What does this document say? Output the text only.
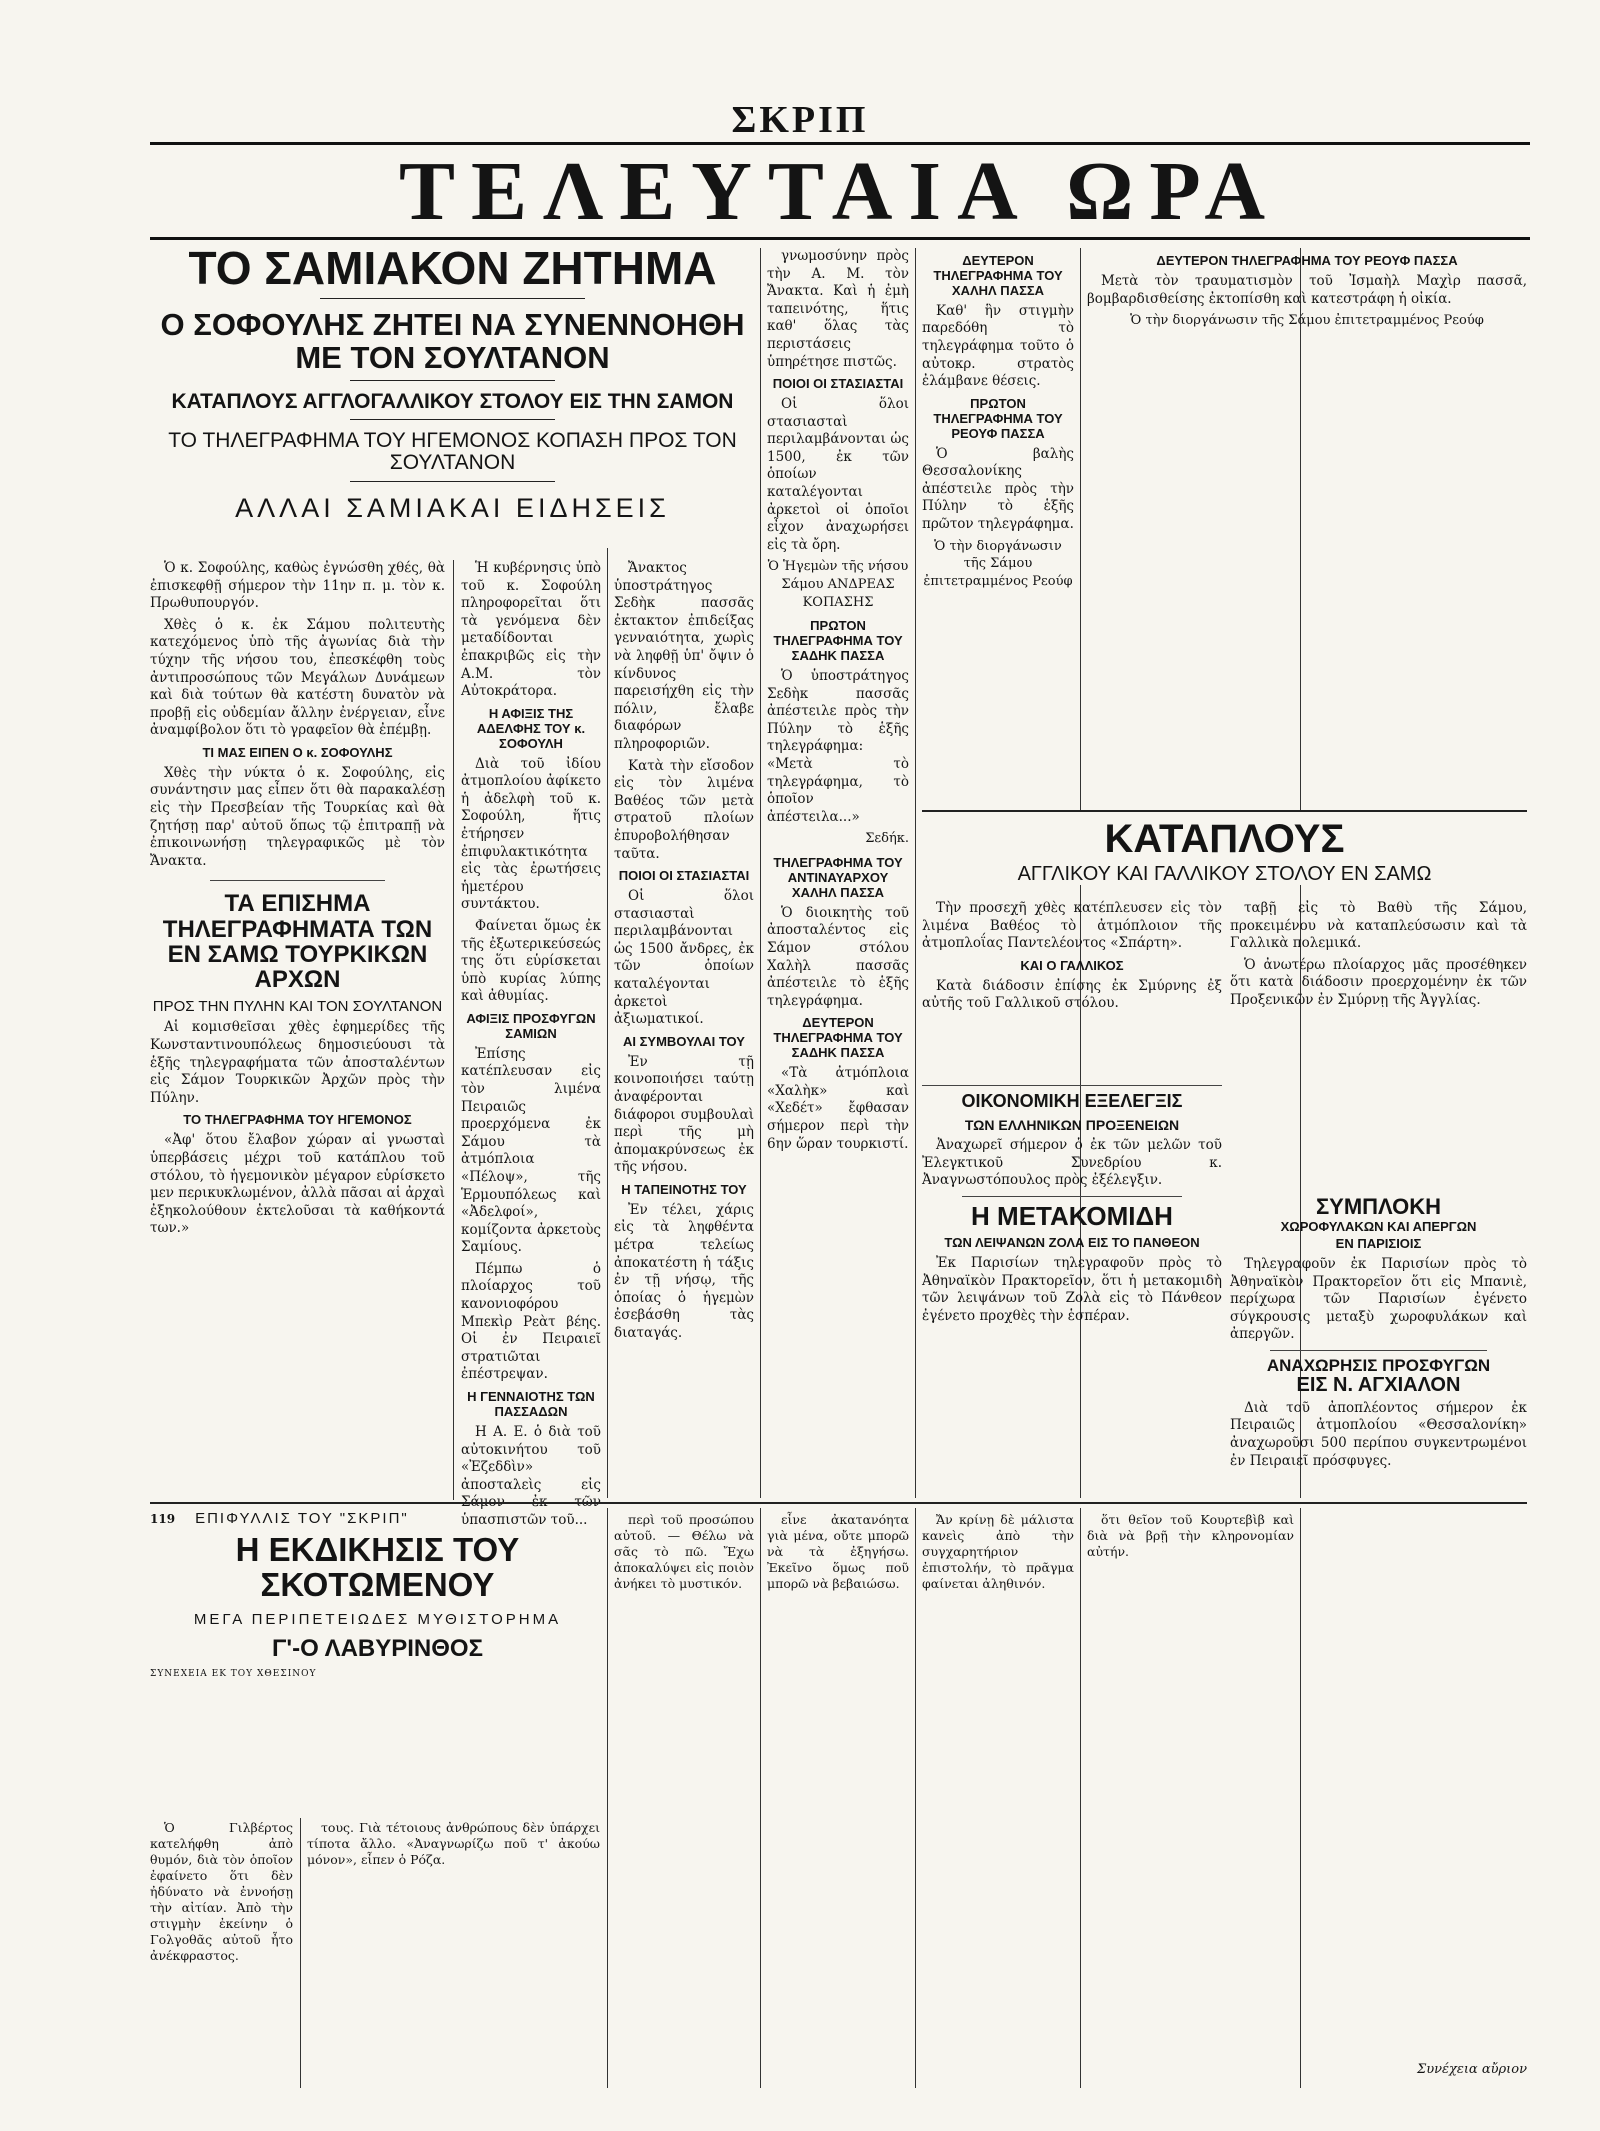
ΣΚΡΙΠ
ΤΕΛΕΥΤΑΙΑ ΩΡΑ
ΤΟ ΣΑΜΙΑΚΟΝ ΖΗΤΗΜΑ
Ο ΣΟΦΟΥΛΗΣ ΖΗΤΕΙ ΝΑ ΣΥΝΕΝΝΟΗΘΗ ΜΕ ΤΟΝ ΣΟΥΛΤΑΝΟΝ
ΚΑΤΑΠΛΟΥΣ ΑΓΓΛΟΓΑΛΛΙΚΟΥ ΣΤΟΛΟΥ ΕΙΣ ΤΗΝ ΣΑΜΟΝ
ΤΟ ΤΗΛΕΓΡΑΦΗΜΑ ΤΟΥ ΗΓΕΜΟΝΟΣ ΚΟΠΑΣΗ ΠΡΟΣ ΤΟΝ ΣΟΥΛΤΑΝΟΝ
ΑΛΛΑΙ ΣΑΜΙΑΚΑΙ ΕΙΔΗΣΕΙΣ

Ὁ κ. Σοφούλης, καθὼς ἐγνώσθη χθές, θὰ ἐπισκεφθῇ σήμερον τὴν 11ην π. μ. τὸν κ. Πρωθυπουργόν.

Χθὲς ὁ κ. ἐκ Σάμου πολιτευτὴς κατεχόμενος ὑπὸ τῆς ἀγωνίας διὰ τὴν τύχην τῆς νήσου του, ἐπεσκέφθη τοὺς ἀντιπροσώπους τῶν Μεγάλων Δυνάμεων καὶ διὰ τούτων θὰ κατέστη δυνατὸν νὰ προβῇ εἰς οὐδεμίαν ἄλλην ἐνέργειαν, εἶνε ἀναμφίβολον ὅτι τὸ γραφεῖον θὰ ἐπέμβῃ.

ΤΙ ΜΑΣ ΕΙΠΕΝ Ο κ. ΣΟΦΟΥΛΗΣ

Χθὲς τὴν νύκτα ὁ κ. Σοφούλης, εἰς συνάντησιν μας εἶπεν ὅτι θὰ παρακαλέσῃ εἰς τὴν Πρεσβείαν τῆς Τουρκίας καὶ θὰ ζητήσῃ παρ' αὐτοῦ ὅπως τῷ ἐπιτραπῇ νὰ ἐπικοινωνήσῃ τηλεγραφικῶς μὲ τὸν Ἄνακτα.

ΤΑ ΕΠΙΣΗΜΑ ΤΗΛΕΓΡΑΦΗΜΑΤΑ ΤΩΝ ΕΝ ΣΑΜΩ ΤΟΥΡΚΙΚΩΝ ΑΡΧΩΝ
ΠΡΟΣ ΤΗΝ ΠΥΛΗΝ ΚΑΙ ΤΟΝ ΣΟΥΛΤΑΝΟΝ

Αἱ κομισθεῖσαι χθὲς ἐφημερίδες τῆς Κωνσταντινουπόλεως δημοσιεύουσι τὰ ἑξῆς τηλεγραφήματα τῶν ἀποσταλέντων εἰς Σάμον Τουρκικῶν Ἀρχῶν πρὸς τὴν Πύλην.

ΤΟ ΤΗΛΕΓΡΑΦΗΜΑ ΤΟΥ ΗΓΕΜΟΝΟΣ

«Ἀφ' ὅτου ἔλαβον χώραν αἱ γνωσταὶ ὑπερβάσεις μέχρι τοῦ κατάπλου τοῦ στόλου, τὸ ἡγεμονικὸν μέγαρον εὑρίσκετο μεν περικυκλωμένον, ἀλλὰ πᾶσαι αἱ ἀρχαὶ ἐξηκολούθουν ἐκτελοῦσαι τὰ καθήκοντά των.»

Ἡ κυβέρνησις ὑπὸ τοῦ κ. Σοφούλη πληροφορεῖται ὅτι τὰ γενόμενα δὲν μεταδίδονται ἐπακριβῶς εἰς τὴν Α.Μ. τὸν Αὐτοκράτορα.

Η ΑΦΙΞΙΣ ΤΗΣ ΑΔΕΛΦΗΣ ΤΟΥ κ. ΣΟΦΟΥΛΗ

Διὰ τοῦ ἰδίου ἀτμοπλοίου ἀφίκετο ἡ ἀδελφὴ τοῦ κ. Σοφούλη, ἥτις ἐτήρησεν ἐπιφυλακτικότητα εἰς τὰς ἐρωτήσεις ἡμετέρου συντάκτου.

Φαίνεται ὅμως ἐκ τῆς ἐξωτερικεύσεώς της ὅτι εὑρίσκεται ὑπὸ κυρίας λύπης καὶ ἀθυμίας.

ΑΦΙΞΙΣ ΠΡΟΣΦΥΓΩΝ ΣΑΜΙΩΝ

Ἐπίσης κατέπλευσαν εἰς τὸν λιμένα Πειραιῶς προερχόμενα ἐκ Σάμου τὰ ἀτμόπλοια «Πέλοψ», τῆς Ἑρμουπόλεως καὶ «Ἀδελφοί», κομίζοντα ἀρκετοὺς Σαμίους.

Πέμπω ὁ πλοίαρχος τοῦ κανονιοφόρου Μπεκὶρ Ρεὰτ βέης. Οἱ ἐν Πειραιεῖ στρατιῶται ἐπέστρεψαν.

Η ΓΕΝΝΑΙΟΤΗΣ ΤΩΝ ΠΑΣΣΑΔΩΝ

Η Α. Ε. ὁ διὰ τοῦ αὐτοκινήτου τοῦ «Ἐζεδδὶν» ἀποσταλεὶς εἰς Σάμον ἐκ τῶν ὑπασπιστῶν τοῦ...

Ἄνακτος ὑποστράτηγος Σεδὴκ πασσᾶς ἐκτακτον ἐπιδείξας γενναιότητα, χωρὶς νὰ ληφθῇ ὑπ' ὄψιν ὁ κίνδυνος παρεισήχθη εἰς τὴν πόλιν, ἔλαβε διαφόρων πληροφοριῶν.

Κατὰ τὴν εἴσοδον εἰς τὸν λιμένα Βαθέος τῶν μετὰ στρατοῦ πλοίων ἐπυροβολήθησαν ταῦτα.

ΠΟΙΟΙ ΟΙ ΣΤΑΣΙΑΣΤΑΙ

Οἱ ὅλοι στασιασταὶ περιλαμβάνονται ὡς 1500 ἄνδρες, ἐκ τῶν ὁποίων καταλέγονται ἀρκετοὶ ἀξιωματικοί.

ΑΙ ΣΥΜΒΟΥΛΑΙ ΤΟΥ

Ἐν τῇ κοινοποιήσει ταύτῃ ἀναφέρονται διάφοροι συμβουλαὶ περὶ τῆς μὴ ἀπομακρύνσεως ἐκ τῆς νήσου.

Η ΤΑΠΕΙΝΟΤΗΣ ΤΟΥ

Ἐν τέλει, χάρις εἰς τὰ ληφθέντα μέτρα τελείως ἀποκατέστη ἡ τάξις ἐν τῇ νήσῳ, τῆς ὁποίας ὁ ἡγεμὼν ἐσεβάσθη τὰς διαταγάς.

γνωμοσύνην πρὸς τὴν Α. Μ. τὸν Ἄνακτα. Καὶ ἡ ἐμὴ ταπεινότης, ἥτις καθ' ὅλας τὰς περιστάσεις ὑπηρέτησε πιστῶς.

ΠΟΙΟΙ ΟΙ ΣΤΑΣΙΑΣΤΑΙ

Οἱ ὅλοι στασιασταὶ περιλαμβάνονται ὡς 1500, ἐκ τῶν ὁποίων καταλέγονται ἀρκετοὶ οἱ ὁποῖοι εἶχον ἀναχωρήσει εἰς τὰ ὄρη.

Ὁ Ἡγεμὼν τῆς νήσου Σάμου ΑΝΔΡΕΑΣ ΚΟΠΑΣΗΣ
ΠΡΩΤΟΝ ΤΗΛΕΓΡΑΦΗΜΑ ΤΟΥ ΣΑΔΗΚ ΠΑΣΣΑ

Ὁ ὑποστράτηγος Σεδὴκ πασσᾶς ἀπέστειλε πρὸς τὴν Πύλην τὸ ἑξῆς τηλεγράφημα: «Μετὰ τὸ τηλεγράφημα, τὸ ὁποῖον ἀπέστειλα...»

Σεδήκ.
ΤΗΛΕΓΡΑΦΗΜΑ ΤΟΥ ΑΝΤΙΝΑΥΑΡΧΟΥ ΧΑΛΗΛ ΠΑΣΣΑ

Ὁ διοικητὴς τοῦ ἀποσταλέντος εἰς Σάμον στόλου Χαλὴλ πασσᾶς ἀπέστειλε τὸ ἑξῆς τηλεγράφημα.

ΔΕΥΤΕΡΟΝ ΤΗΛΕΓΡΑΦΗΜΑ ΤΟΥ ΣΑΔΗΚ ΠΑΣΣΑ

«Τὰ ἀτμόπλοια «Χαλὴκ» καὶ «Χεδέτ» ἔφθασαν σήμερον περὶ τὴν 6ην ὥραν τουρκιστί.

ΔΕΥΤΕΡΟΝ ΤΗΛΕΓΡΑΦΗΜΑ ΤΟΥ ΧΑΛΗΛ ΠΑΣΣΑ

Καθ' ἣν στιγμὴν παρεδόθη τὸ τηλεγράφημα τοῦτο ὁ αὐτοκρ. στρατὸς ἐλάμβανε θέσεις.

ΠΡΩΤΟΝ ΤΗΛΕΓΡΑΦΗΜΑ ΤΟΥ ΡΕΟΥΦ ΠΑΣΣΑ

Ὁ βαλὴς Θεσσαλονίκης ἀπέστειλε πρὸς τὴν Πύλην τὸ ἑξῆς πρῶτον τηλεγράφημα.

Ὁ τὴν διοργάνωσιν τῆς Σάμου ἐπιτετραμμένος Ρεούφ
ΔΕΥΤΕΡΟΝ ΤΗΛΕΓΡΑΦΗΜΑ ΤΟΥ ΡΕΟΥΦ ΠΑΣΣΑ

Μετὰ τὸν τραυματισμὸν τοῦ Ἰσμαὴλ Μαχὶρ πασσᾶ, βομβαρδισθείσης ἐκτοπίσθη καὶ κατεστράφη ἡ οἰκία.

Ὁ τὴν διοργάνωσιν τῆς Σάμου ἐπιτετραμμένος Ρεούφ
ΚΑΤΑΠΛΟΥΣ
ΑΓΓΛΙΚΟΥ ΚΑΙ ΓΑΛΛΙΚΟΥ ΣΤΟΛΟΥ ΕΝ ΣΑΜΩ

Τὴν προσεχῆ χθὲς κατέπλευσεν εἰς τὸν λιμένα Βαθέος τὸ ἀτμόπλοιον τῆς ἀτμοπλοΐας Παντελέοντος «Σπάρτη».

ΚΑΙ Ο ΓΑΛΛΙΚΟΣ

Κατὰ διάδοσιν ἐπίσης ἐκ Σμύρνης ἐξ αὐτῆς τοῦ Γαλλικοῦ στόλου.

ταβῇ εἰς τὸ Βαθὺ τῆς Σάμου, προκειμένου νὰ καταπλεύσωσιν καὶ τὰ Γαλλικὰ πολεμικά.

Ὁ ἀνωτέρω πλοίαρχος μᾶς προσέθηκεν ὅτι κατὰ διάδοσιν προερχομένην ἐκ τῶν Προξενικῶν ἐν Σμύρνῃ τῆς Ἀγγλίας.

ΟΙΚΟΝΟΜΙΚΗ ΕΞΕΛΕΓΞΙΣ
ΤΩΝ ΕΛΛΗΝΙΚΩΝ ΠΡΟΞΕΝΕΙΩΝ

Ἀναχωρεῖ σήμερον ὁ ἐκ τῶν μελῶν τοῦ Ἐλεγκτικοῦ Συνεδρίου κ. Ἀναγνωστόπουλος πρὸς ἐξέλεγξιν.

Η ΜΕΤΑΚΟΜΙΔΗ
ΤΩΝ ΛΕΙΨΑΝΩΝ ΖΟΛΑ ΕΙΣ ΤΟ ΠΑΝΘΕΟΝ

Ἐκ Παρισίων τηλεγραφοῦν πρὸς τὸ Ἀθηναϊκὸν Πρακτορεῖον, ὅτι ἡ μετακομιδὴ τῶν λειψάνων τοῦ Ζολὰ εἰς τὸ Πάνθεον ἐγένετο προχθὲς τὴν ἑσπέραν.

ΣΥΜΠΛΟΚΗ
ΧΩΡΟΦΥΛΑΚΩΝ ΚΑΙ ΑΠΕΡΓΩΝ
ΕΝ ΠΑΡΙΣΙΟΙΣ

Τηλεγραφοῦν ἐκ Παρισίων πρὸς τὸ Ἀθηναϊκὸν Πρακτορεῖον ὅτι εἰς Μπανιὲ, περίχωρα τῶν Παρισίων ἐγένετο σύγκρουσις μεταξὺ χωροφυλάκων καὶ ἀπεργῶν.

ΑΝΑΧΩΡΗΣΙΣ ΠΡΟΣΦΥΓΩΝ
ΕΙΣ Ν. ΑΓΧΙΑΛΟΝ

Διὰ τοῦ ἀποπλέοντος σήμερον ἐκ Πειραιῶς ἀτμοπλοίου «Θεσσαλονίκη» ἀναχωροῦσι 500 περίπου συγκεντρωμένοι ἐν Πειραιεῖ πρόσφυγες.

119 ΕΠΙΦΥΛΛΙΣ ΤΟΥ "ΣΚΡΙΠ"
Η ΕΚΔΙΚΗΣΙΣ ΤΟΥ ΣΚΟΤΩΜΕΝΟΥ
ΜΕΓΑ ΠΕΡΙΠΕΤΕΙΩΔΕΣ ΜΥΘΙΣΤΟΡΗΜΑ
Γ'-Ο ΛΑΒΥΡΙΝΘΟΣ
ΣΥΝΕΧΕΙΑ ΕΚ ΤΟΥ ΧΘΕΣΙΝΟΥ

Ὁ Γιλβέρτος κατελήφθη ἀπὸ θυμόν, διὰ τὸν ὁποῖον ἐφαίνετο ὅτι δὲν ἠδύνατο νὰ ἐννοήσῃ τὴν αἰτίαν. Ἀπὸ τὴν στιγμὴν ἐκείνην ὁ Γολγοθᾶς αὐτοῦ ἦτο ἀνέκφραστος.

τους. Γιὰ τέτοιους ἀνθρώπους δὲν ὑπάρχει τίποτα ἄλλο. «Ἀναγνωρίζω ποῦ τ' ἀκούω μόνον», εἶπεν ὁ Ρόζα.

περὶ τοῦ προσώπου αὐτοῦ. — Θέλω νὰ σᾶς τὸ πῶ. Ἔχω ἀποκαλύψει εἰς ποιὸν ἀνήκει τὸ μυστικόν.

εἶνε ἀκατανόητα γιὰ μένα, οὔτε μπορῶ νὰ τὰ ἐξηγήσω. Ἐκεῖνο ὅμως ποῦ μπορῶ νὰ βεβαιώσω.

Ἄν κρίνῃ δὲ μάλιστα κανεὶς ἀπὸ τὴν συγχαρητήριον ἐπιστολήν, τὸ πρᾶγμα φαίνεται ἀληθινόν.

ὅτι θεῖον τοῦ Κουρτεβὶβ καὶ διὰ νὰ βρῇ τὴν κληρονομίαν αὐτήν.

Συνέχεια αὔριον
